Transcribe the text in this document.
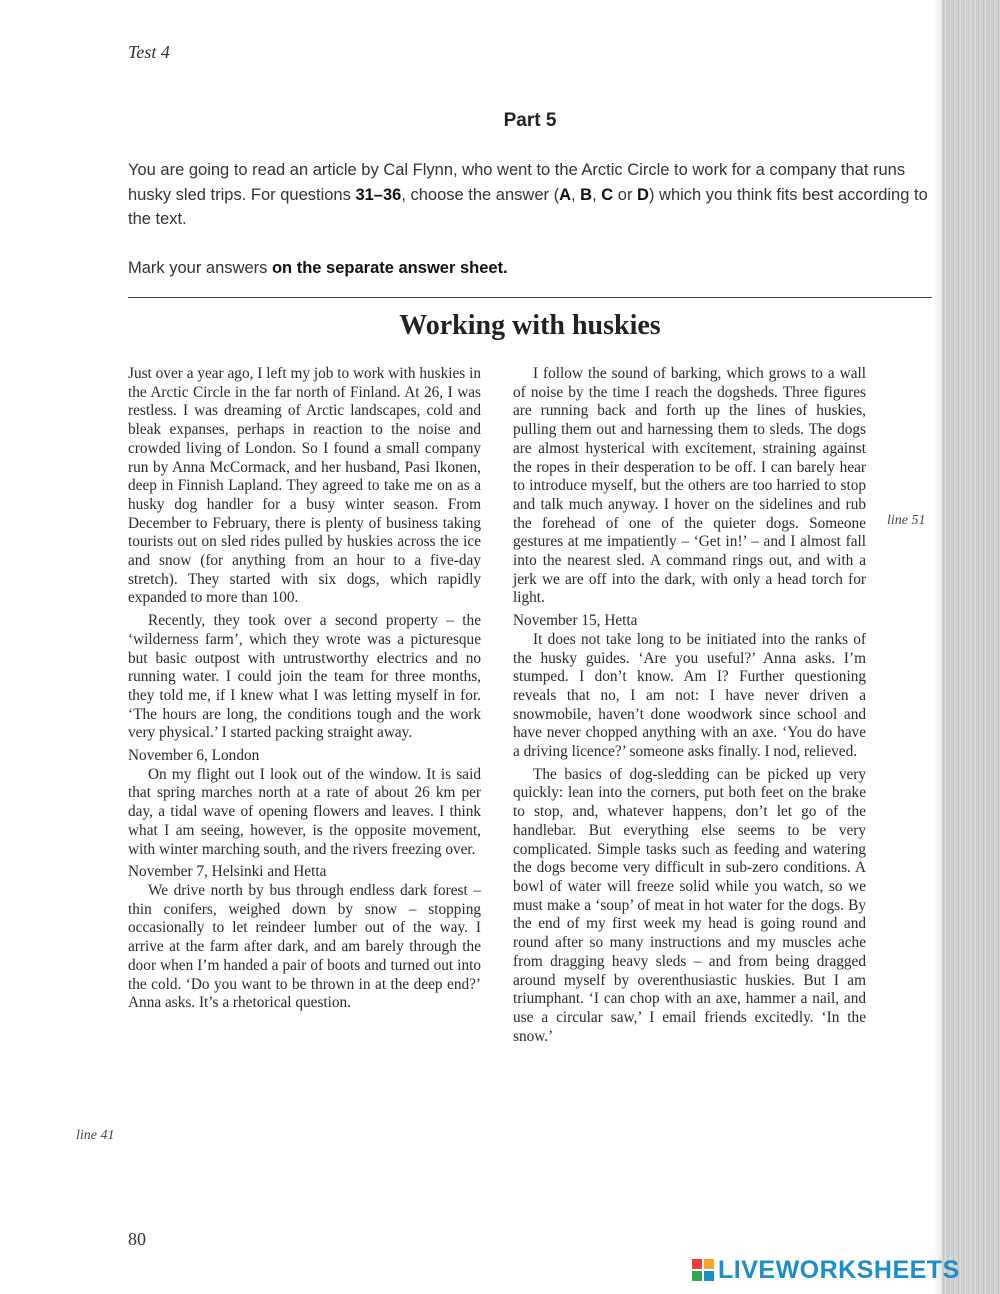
Test 4
Part 5

You are going to read an article by Cal Flynn, who went to the Arctic Circle to work for a company that runs husky sled trips. For questions 31–36, choose the answer (A, B, C or D) which you think fits best according to the text.

Mark your answers on the separate answer sheet.

Working with huskies

Just over a year ago, I left my job to work with huskies in the Arctic Circle in the far north of Finland. At 26, I was restless. I was dreaming of Arctic landscapes, cold and bleak expanses, perhaps in reaction to the noise and crowded living of London. So I found a small company run by Anna McCormack, and her husband, Pasi Ikonen, deep in Finnish Lapland. They agreed to take me on as a husky dog handler for a busy winter season. From December to February, there is plenty of business taking tourists out on sled rides pulled by huskies across the ice and snow (for anything from an hour to a five-day stretch). They started with six dogs, which rapidly expanded to more than 100.

Recently, they took over a second property – the ‘wilderness farm’, which they wrote was a picturesque but basic outpost with untrustworthy electrics and no running water. I could join the team for three months, they told me, if I knew what I was letting myself in for. ‘The hours are long, the conditions tough and the work very physical.’ I started packing straight away.

November 6, London

On my flight out I look out of the window. It is said that spring marches north at a rate of about 26 km per day, a tidal wave of opening flowers and leaves. I think what I am seeing, however, is the opposite movement, with winter marching south, and the rivers freezing over.

November 7, Helsinki and Hetta

We drive north by bus through endless dark forest – thin conifers, weighed down by snow – stopping occasionally to let reindeer lumber out of the way. I arrive at the farm after dark, and am barely through the door when I’m handed a pair of boots and turned out into the cold. ‘Do you want to be thrown in at the deep end?’ Anna asks. It’s a rhetorical question.

I follow the sound of barking, which grows to a wall of noise by the time I reach the dogsheds. Three figures are running back and forth up the lines of huskies, pulling them out and harnessing them to sleds. The dogs are almost hysterical with excitement, straining against the ropes in their desperation to be off. I can barely hear to introduce myself, but the others are too harried to stop and talk much anyway. I hover on the sidelines and rub the forehead of one of the quieter dogs. Someone gestures at me impatiently – ‘Get in!’ – and I almost fall into the nearest sled. A command rings out, and with a jerk we are off into the dark, with only a head torch for light.

November 15, Hetta

It does not take long to be initiated into the ranks of the husky guides. ‘Are you useful?’ Anna asks. I’m stumped. I don’t know. Am I? Further questioning reveals that no, I am not: I have never driven a snowmobile, haven’t done woodwork since school and have never chopped anything with an axe. ‘You do have a driving licence?’ someone asks finally. I nod, relieved.

The basics of dog-sledding can be picked up very quickly: lean into the corners, put both feet on the brake to stop, and, whatever happens, don’t let go of the handlebar. But everything else seems to be very complicated. Simple tasks such as feeding and watering the dogs become very difficult in sub-zero conditions. A bowl of water will freeze solid while you watch, so we must make a ‘soup’ of meat in hot water for the dogs. By the end of my first week my head is going round and round after so many instructions and my muscles ache from dragging heavy sleds – and from being dragged around myself by overenthusiastic huskies. But I am triumphant. ‘I can chop with an axe, hammer a nail, and use a circular saw,’ I email friends excitedly. ‘In the snow.’

line 41
line 51
80
LIVEWORKSHEETS
